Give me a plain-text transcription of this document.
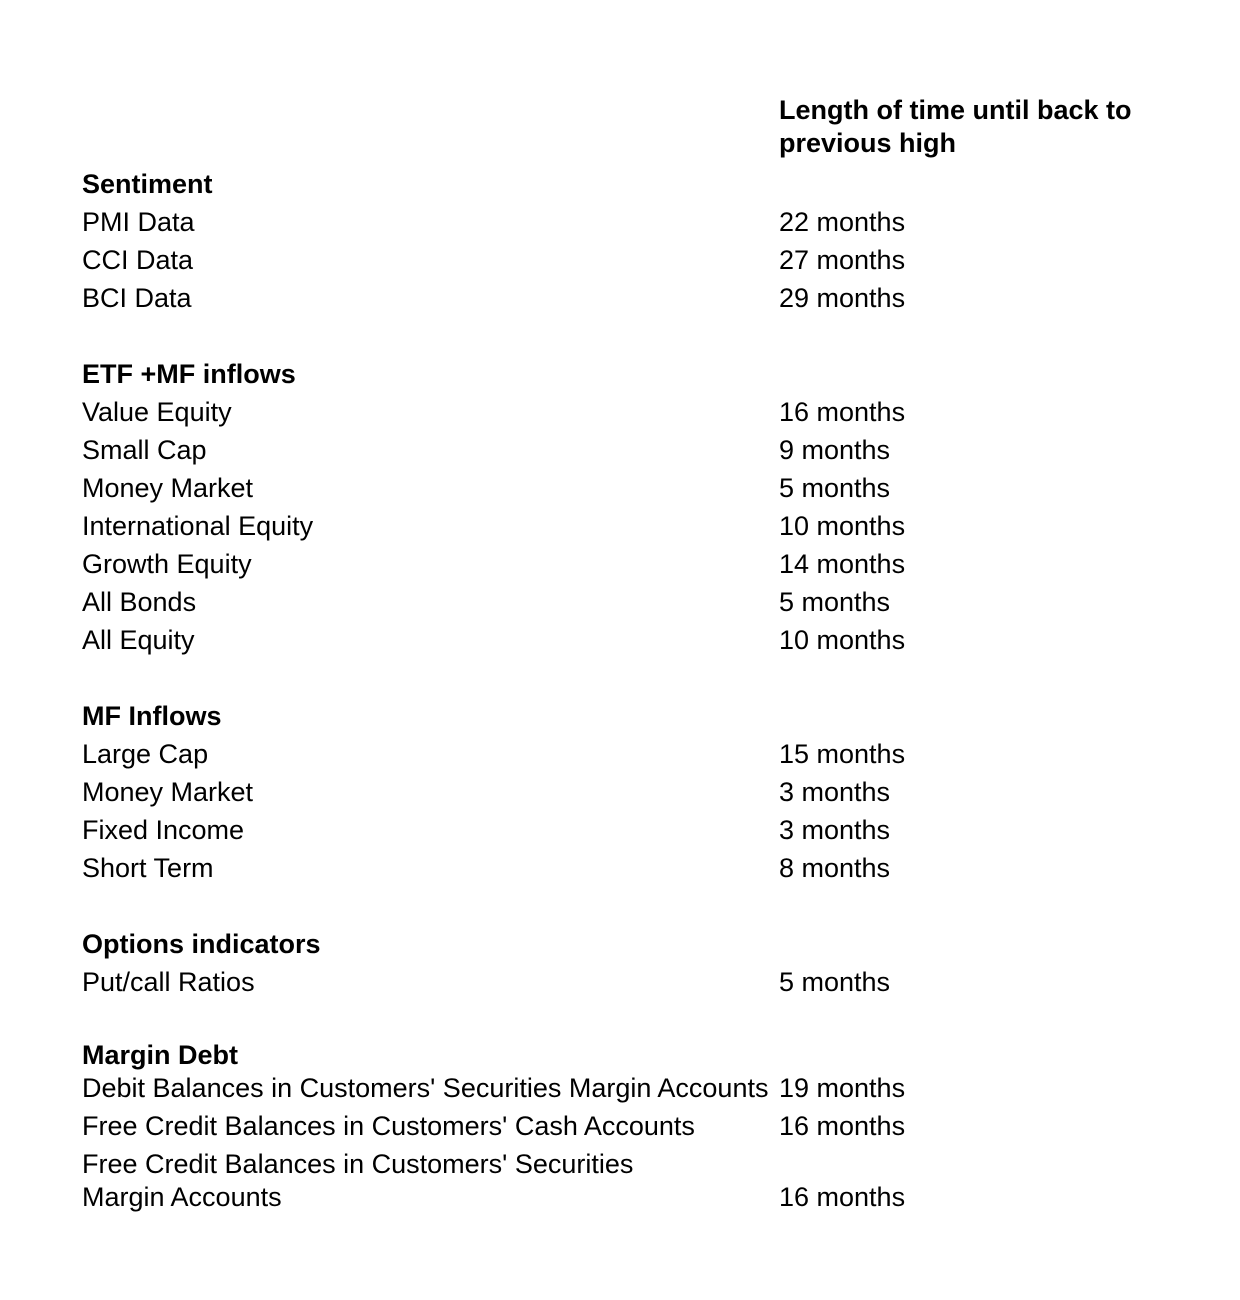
Length of time until back to previous high
Sentiment
PMI Data	22 months
CCI Data	27 months
BCI Data	29 months
ETF +MF inflows
Value Equity	16 months
Small Cap	9 months
Money Market	5 months
International Equity	10 months
Growth Equity	14 months
All Bonds	5 months
All Equity	10 months
MF Inflows
Large Cap	15 months
Money Market	3 months
Fixed Income	3 months
Short Term	8 months
Options indicators
Put/call Ratios	5 months
Margin Debt
Debit Balances in Customers' Securities Margin Accounts 19 months
Free Credit Balances in Customers' Cash Accounts	16 months
Free Credit Balances in Customers' Securities Margin Accounts	16 months
